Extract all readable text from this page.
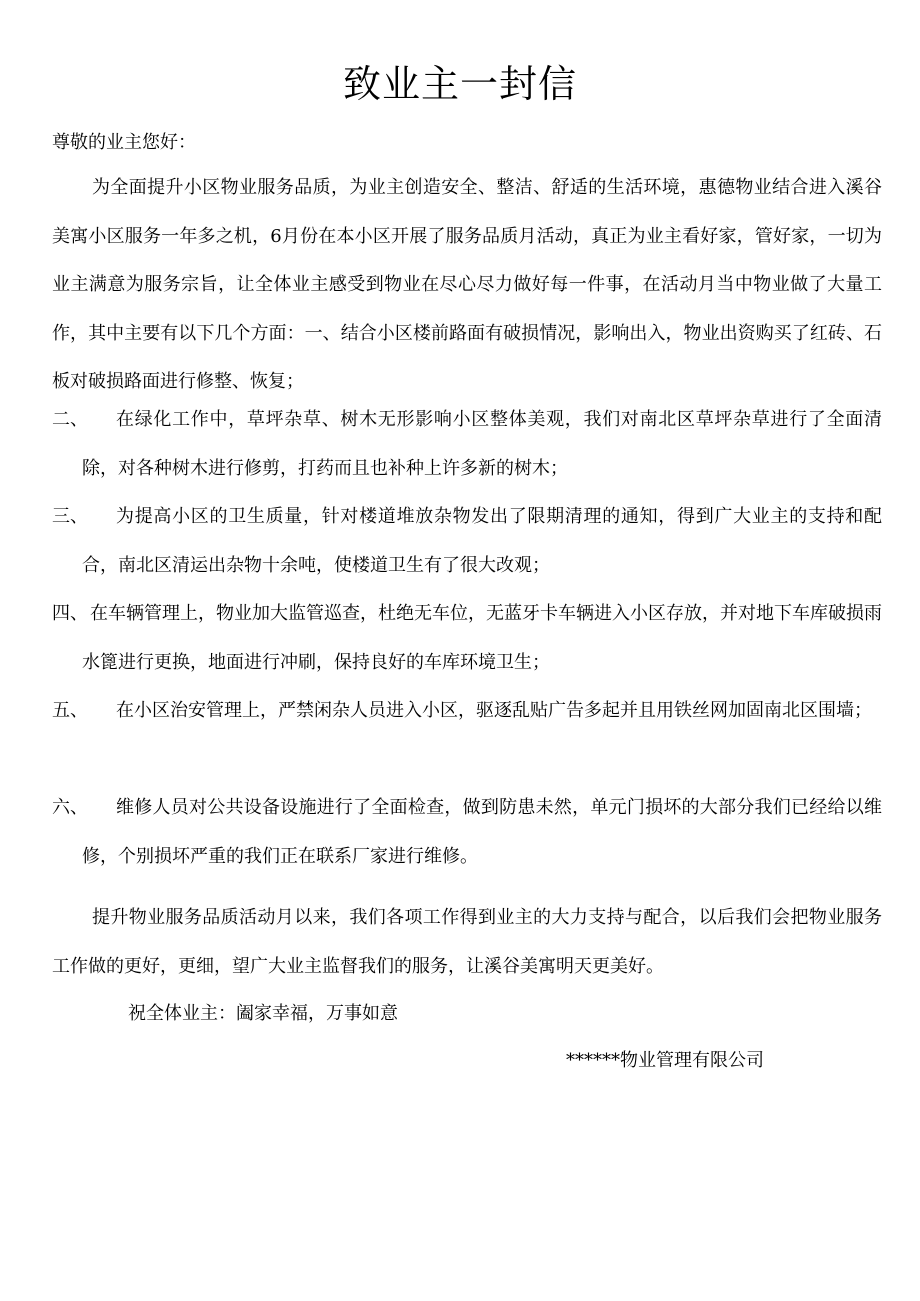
致业主一封信
尊敬的业主您好：
为全面提升小区物业服务品质，为业主创造安全、整洁、舒适的生活环境，惠德物业结合进入溪谷美寓小区服务一年多之机，6月份在本小区开展了服务品质月活动，真正为业主看好家，管好家，一切为业主满意为服务宗旨，让全体业主感受到物业在尽心尽力做好每一件事，在活动月当中物业做了大量工作，其中主要有以下几个方面：一、结合小区楼前路面有破损情况，影响出入，物业出资购买了红砖、石板对破损路面进行修整、恢复；
二、	在绿化工作中，草坪杂草、树木无形影响小区整体美观，我们对南北区草坪杂草进行了全面清除，对各种树木进行修剪，打药而且也补种上许多新的树木；
三、	为提高小区的卫生质量，针对楼道堆放杂物发出了限期清理的通知，得到广大业主的支持和配合，南北区清运出杂物十余吨，使楼道卫生有了很大改观；
四、 在车辆管理上，物业加大监管巡查，杜绝无车位，无蓝牙卡车辆进入小区存放，并对地下车库破损雨水篦进行更换，地面进行冲刷，保持良好的车库环境卫生；
五、	在小区治安管理上，严禁闲杂人员进入小区，驱逐乱贴广告多起并且用铁丝网加固南北区围墙；
六、	维修人员对公共设备设施进行了全面检查，做到防患未然，单元门损坏的大部分我们已经给以维修，个别损坏严重的我们正在联系厂家进行维修。
提升物业服务品质活动月以来，我们各项工作得到业主的大力支持与配合，以后我们会把物业服务工作做的更好，更细，望广大业主监督我们的服务，让溪谷美寓明天更美好。
祝全体业主：阖家幸福，万事如意
******物业管理有限公司
